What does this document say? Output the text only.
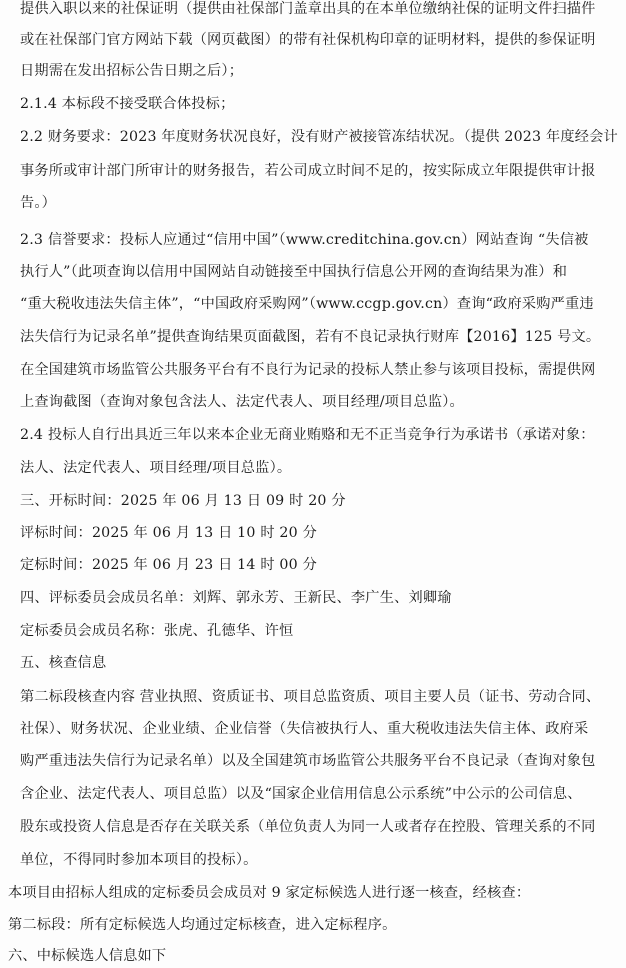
提供入职以来的社保证明（提供由社保部门盖章出具的在本单位缴纳社保的证明文件扫描件
或在社保部门官方网站下载（网页截图）的带有社保机构印章的证明材料，提供的参保证明
日期需在发出招标公告日期之后）；
2.1.4 本标段不接受联合体投标；
2.2 财务要求：2023 年度财务状况良好，没有财产被接管冻结状况。（提供 2023 年度经会计
事务所或审计部门所审计的财务报告，若公司成立时间不足的，按实际成立年限提供审计报
告。）
2.3 信誉要求：投标人应通过“信用中国”（www.creditchina.gov.cn）网站查询 “失信被
执行人”（此项查询以信用中国网站自动链接至中国执行信息公开网的查询结果为准）和
“重大税收违法失信主体”，“中国政府采购网”（www.ccgp.gov.cn）查询“政府采购严重违
法失信行为记录名单”提供查询结果页面截图，若有不良记录执行财库【2016】125 号文。
在全国建筑市场监管公共服务平台有不良行为记录的投标人禁止参与该项目投标，需提供网
上查询截图（查询对象包含法人、法定代表人、项目经理/项目总监）。
2.4 投标人自行出具近三年以来本企业无商业贿赂和无不正当竞争行为承诺书（承诺对象：
法人、法定代表人、项目经理/项目总监）。
三、开标时间：2025 年 06 月 13 日 09 时 20 分
评标时间：2025 年 06 月 13 日 10 时 20 分
定标时间：2025 年 06 月 23 日 14 时 00 分
四、评标委员会成员名单：刘辉、郭永芳、王新民、李广生、刘卿瑜
定标委员会成员名称：张虎、孔德华、许恒
五、核查信息
第二标段核查内容 营业执照、资质证书、项目总监资质、项目主要人员（证书、劳动合同、
社保）、财务状况、企业业绩、企业信誉（失信被执行人、重大税收违法失信主体、政府采
购严重违法失信行为记录名单）以及全国建筑市场监管公共服务平台不良记录（查询对象包
含企业、法定代表人、项目总监）以及“国家企业信用信息公示系统”中公示的公司信息、
股东或投资人信息是否存在关联关系（单位负责人为同一人或者存在控股、管理关系的不同
单位，不得同时参加本项目的投标）。
本项目由招标人组成的定标委员会成员对 9 家定标候选人进行逐一核查，经核查：
第二标段：所有定标候选人均通过定标核查，进入定标程序。
六、中标候选人信息如下
